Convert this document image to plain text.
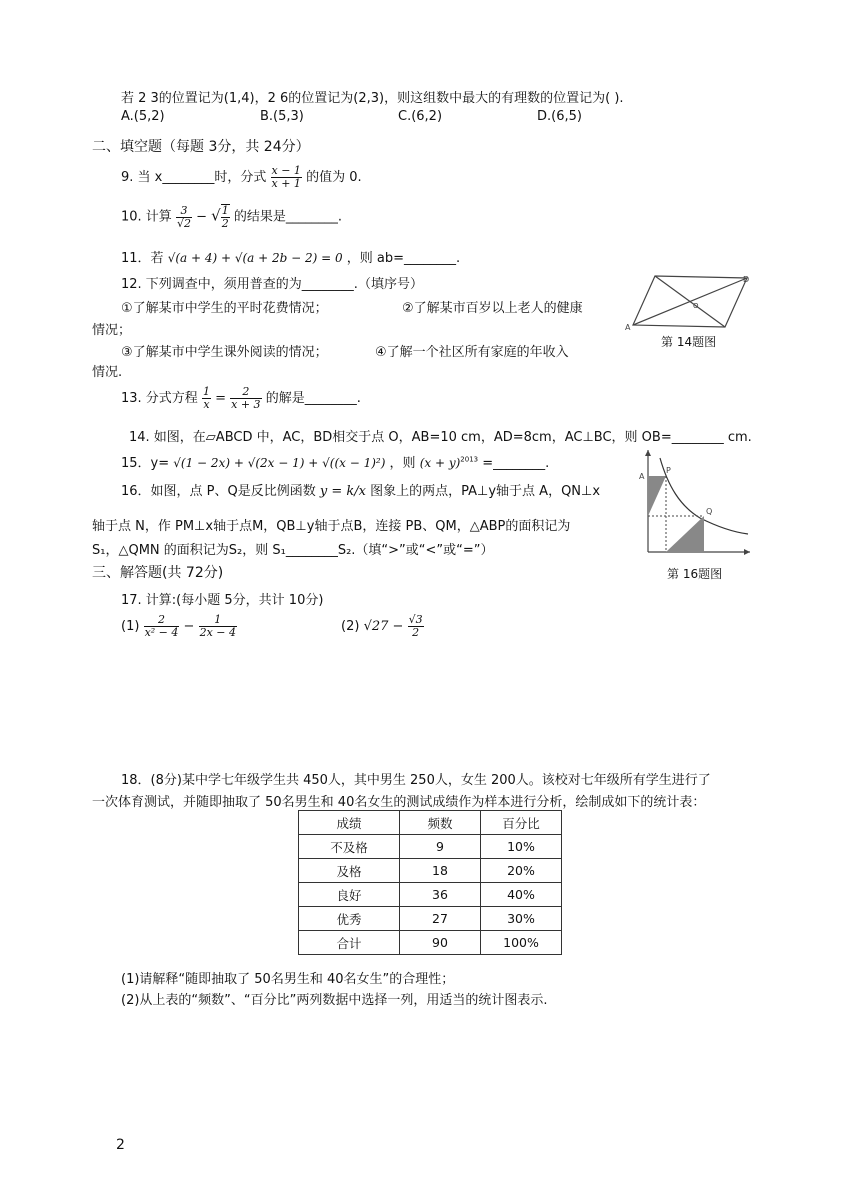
若 2 3的位置记为(1,4)，2 6的位置记为(2,3)，则这组数中最大的有理数的位置记为( ).
A.(5,2)	B.(5,3)	C.(6,2)	D.(6,5)
二、填空题（每题 3分，共 24分）
9. 当 x________时，分式 $\frac{x - 1}{x + 1}$ 的值为 0.
10. 计算 $\frac{3}{√2}$ − √ $\frac{1}{2}$ 的结果是________.
11．若 √(a + 4) + √(a + 2b − 2) = 0 ，则 ab=________.
12. 下列调查中，须用普查的为________.（填序号）
①了解某市中学生的平时花费情况；	②了解某市百岁以上老人的健康
情况；
③了解某市中学生课外阅读的情况；	④了解一个社区所有家庭的年收入
情况.
A
D
O
第 14题图
13. 分式方程 $\frac{1}{x} = \frac{2}{x + 3}$ 的解是________.
14. 如图，在▱ABCD 中，AC，BD相交于点 O，AB=10 cm，AD=8cm，AC⊥BC，则 OB=________ cm.
15．y= √(1 − 2x) + √(2x − 1) + √((x − 1)²) ，则 $(x + y)^{2013}$ =________.
16．如图，点 P、Q是反比例函数 y = k/x 图象上的两点，PA⊥y轴于点 A，QN⊥x
轴于点 N，作 PM⊥x轴于点M，QB⊥y轴于点B，连接 PB、QM，△ABP的面积记为
S₁，△QMN 的面积记为S₂，则 S₁________S₂.（填“>”或“<”或“=”）
A
P
Q
第 16题图
三、解答题(共 72分)
17. 计算:(每小题 5分，共计 10分)
$(1) \frac{2}{\text{x² − 4}} - \frac{1}{2x - 4}$	(2) $√27 - \frac{√3}{2}$
18．(8分)某中学七年级学生共 450人，其中男生 250人，女生 200人。该校对七年级所有学生进行了
一次体育测试，并随即抽取了 50名男生和 40名女生的测试成绩作为样本进行分析，绘制成如下的统计表：
成绩	频数	百分比
不及格	9	10%
及格	18	20%
良好	36	40%
优秀	27	30%
合计	90	100%
(1)请解释“随即抽取了 50名男生和 40名女生”的合理性；
(2)从上表的“频数”、“百分比”两列数据中选择一列，用适当的统计图表示.
2
